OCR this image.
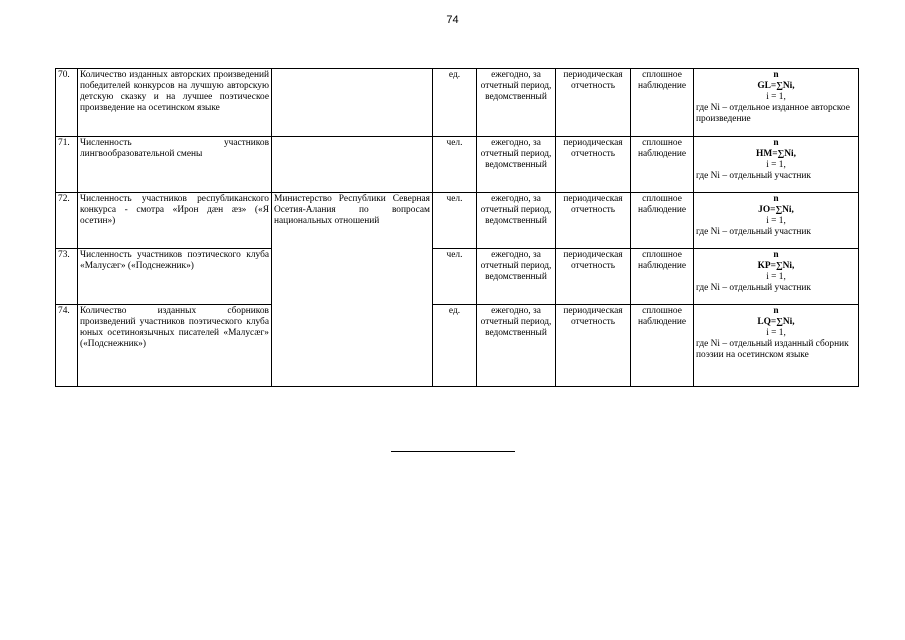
74
70.	Количество изданных авторских произведений победителей конкурсов на лучшую авторскую детскую сказку и на лучшее поэтическое произведение на осетинском языке		ед.	ежегодно, за отчетный период, ведомственный	периодическая отчетность	сплошное наблюдение	n
GL=∑Ni,
i = 1,
где Ni – отдельное изданное авторское произведение

71.	Численность участников лингвообразовательной смены		чел.	ежегодно, за отчетный период, ведомственный	периодическая отчетность	сплошное наблюдение	n
HM=∑Ni,
i = 1,
где Ni – отдельный участник

72.	Численность участников республиканского конкурса - смотра «Ирон дæн æз» («Я осетин»)	Министерство Республики Северная Осетия-Алания по вопросам национальных отношений	чел.	ежегодно, за отчетный период, ведомственный	периодическая отчетность	сплошное наблюдение	n
JO=∑Ni,
i = 1,
где Ni – отдельный участник

73.	Численность участников поэтического клуба «Малусæг» («Подснежник»)		чел.	ежегодно, за отчетный период, ведомственный	периодическая отчетность	сплошное наблюдение	n
KP=∑Ni,
i = 1,
где Ni – отдельный участник

74.	Количество изданных сборников произведений участников поэтического клуба юных осетиноязычных писателей «Малусæг» («Подснежник»)		ед.	ежегодно, за отчетный период, ведомственный	периодическая отчетность	сплошное наблюдение	n
LQ=∑Ni,
i = 1,
где Ni – отдельный изданный сборник поэзии на осетинском языке
